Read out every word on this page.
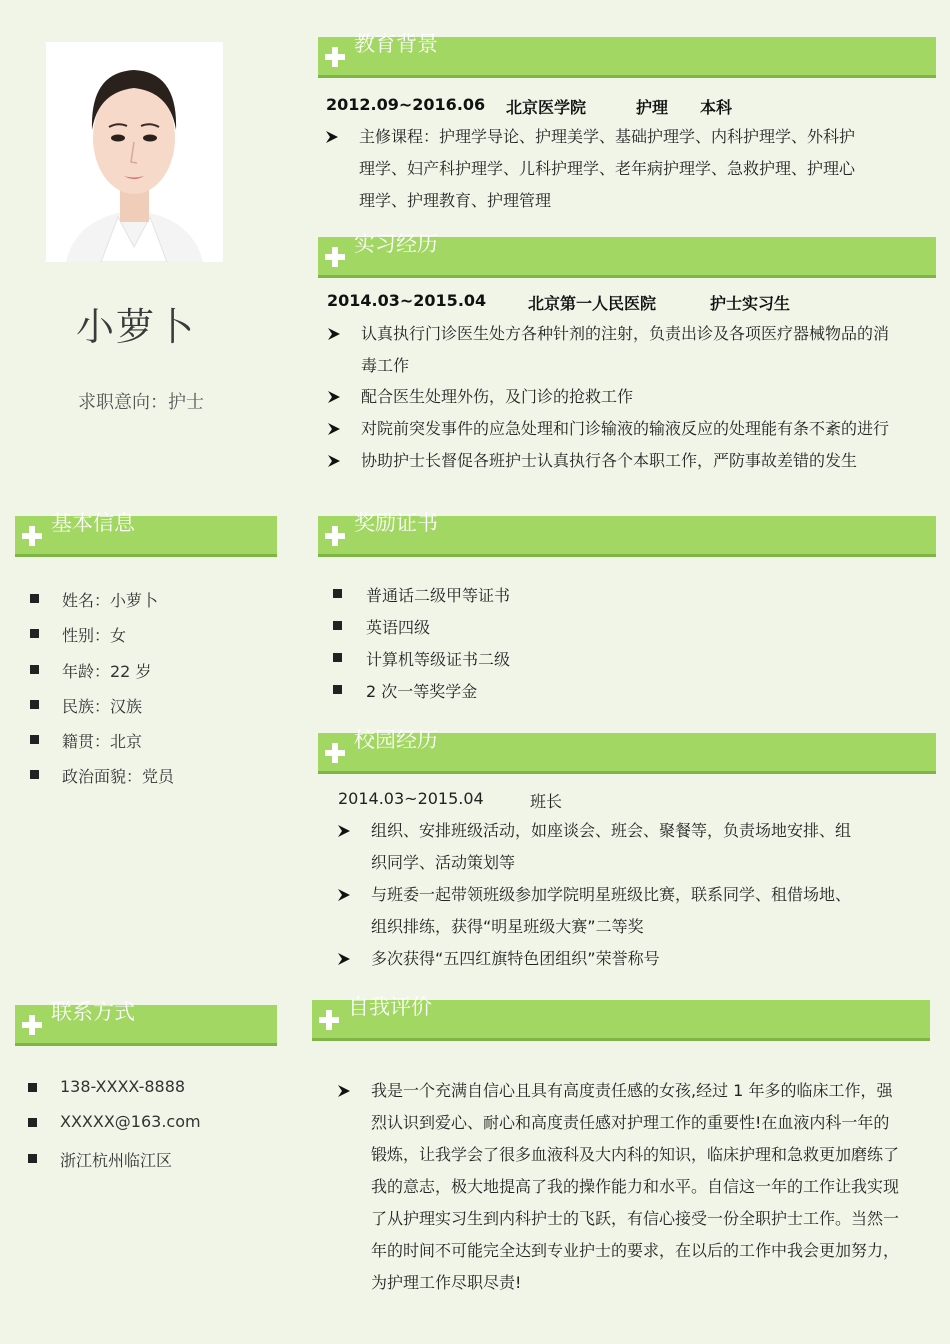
小萝卜
求职意向：护士
教育背景
实习经历
基本信息	奖励证书
校园经历
联系方式	自我评价
2012.09~2016.06 北京医学院	护理 本科
主修课程：护理学导论、护理美学、基础护理学、内科护理学、外科护
理学、妇产科护理学、儿科护理学、老年病护理学、急救护理、护理心
理学、护理教育、护理管理
2014.03~2015.04	北京第一人民医院	护士实习生
认真执行门诊医生处方各种针剂的注射，负责出诊及各项医疗器械物品的消
毒工作
配合医生处理外伤，及门诊的抢救工作
对院前突发事件的应急处理和门诊输液的输液反应的处理能有条不紊的进行
协助护士长督促各班护士认真执行各个本职工作，严防事故差错的发生
姓名：小萝卜
性别：女
年龄：22 岁
民族：汉族
籍贯：北京
政治面貌：党员
普通话二级甲等证书
英语四级
计算机等级证书二级
2 次一等奖学金
2014.03~2015.04	班长
组织、安排班级活动，如座谈会、班会、聚餐等，负责场地安排、组
织同学、活动策划等
与班委一起带领班级参加学院明星班级比赛，联系同学、租借场地、
组织排练，获得“明星班级大赛”二等奖
多次获得“五四红旗特色团组织”荣誉称号
138-XXXX-8888
XXXXX@163.com
浙江杭州临江区
我是一个充满自信心且具有高度责任感的女孩,经过 1 年多的临床工作，强
烈认识到爱心、耐心和高度责任感对护理工作的重要性!在血液内科一年的
锻炼，让我学会了很多血液科及大内科的知识，临床护理和急救更加磨练了
我的意志，极大地提高了我的操作能力和水平。自信这一年的工作让我实现
了从护理实习生到内科护士的飞跃，有信心接受一份全职护士工作。当然一
年的时间不可能完全达到专业护士的要求，在以后的工作中我会更加努力，
为护理工作尽职尽责!
